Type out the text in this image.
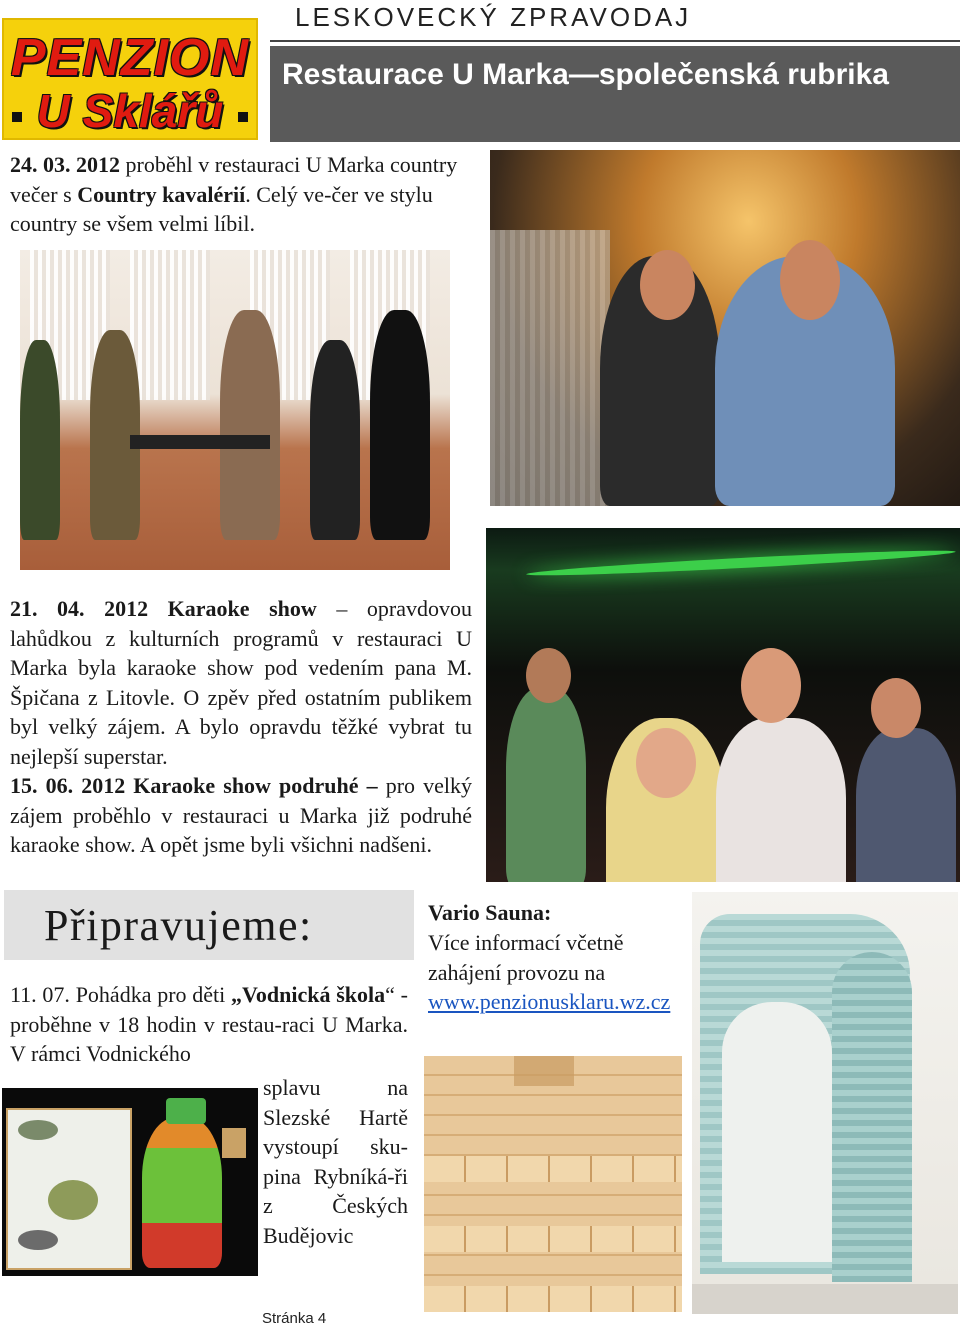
PENZION
U Sklářů
LESKOVECKÝ ZPRAVODAJ
Restaurace U Marka—společenská rubrika
24. 03. 2012 proběhl v restauraci U Marka country večer s Country kavalérií. Celý ve-čer ve stylu country se všem velmi líbil.
21. 04. 2012 Karaoke show – opravdovou lahůdkou z kulturních programů v restauraci U Marka byla karaoke show pod vedením pana M. Špičana z Litovle. O zpěv před ostatním publikem byl velký zájem. A bylo opravdu těžké vybrat tu nejlepší superstar.
15. 06. 2012 Karaoke show podruhé – pro velký zájem proběhlo v restauraci u Marka již podruhé karaoke show. A opět jsme byli všichni nadšeni.
Připravujeme:
11. 07. Pohádka pro děti „Vodnická škola“ - proběhne v 18 hodin v restau-raci U Marka. V rámci Vodnického
splavu na Slezské Hartě vystoupí sku-pina Rybníká-ři z Českých Budějovic
Vario Sauna:
Více informací včetně zahájení provozu na
www.penzionusklaru.wz.cz
Stránka 4
